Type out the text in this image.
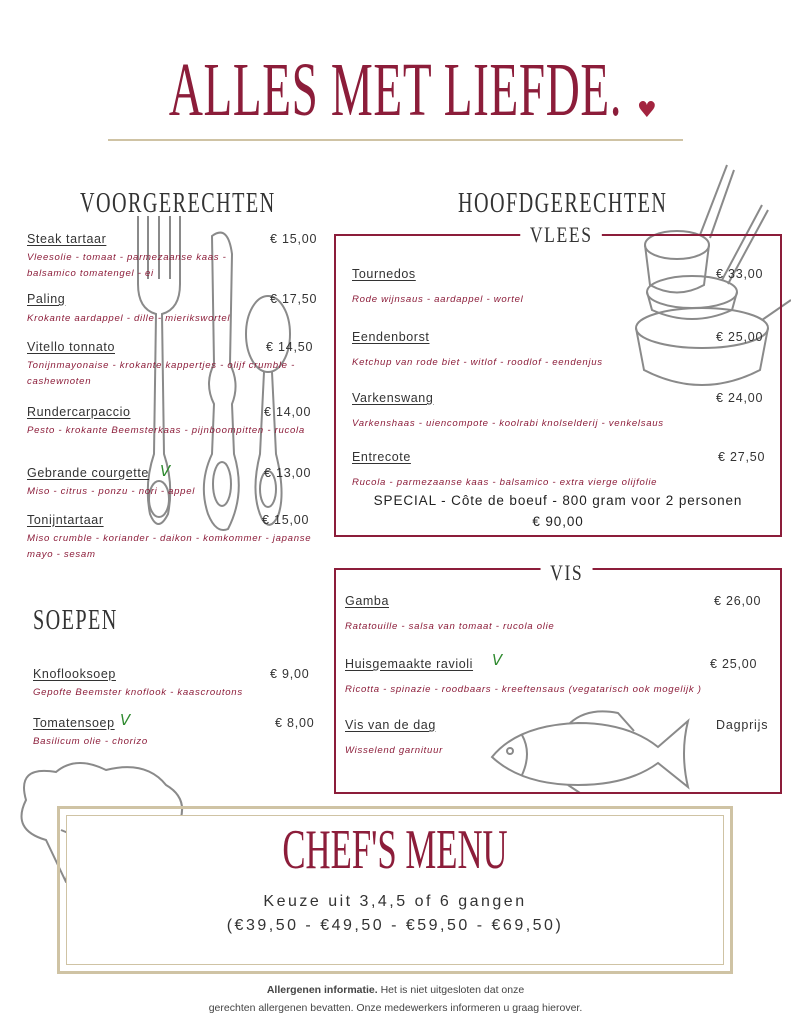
ALLES MET LIEFDE. ♥
VOORGERECHTEN
Steak tartaar	€ 15,00
Vleesolie - tomaat - parmezaanse kaas - balsamico tomatengel - ei
Paling	€ 17,50
Krokante aardappel - dille - mierikswortel
Vitello tonnato	€ 14,50
Tonijnmayonaise - krokante kappertjes - olijf crumble - cashewnoten
Rundercarpaccio	€ 14,00
Pesto - krokante Beemsterkaas - pijnboompitten - rucola
Gebrande courgette V	€ 13,00
Miso - citrus - ponzu - nori - appel
Tonijntartaar	€ 15,00
Miso crumble - koriander - daikon - komkommer - japanse mayo - sesam
SOEPEN
Knoflooksoep	€ 9,00
Gepofte Beemster knoflook - kaascroutons
Tomatensoep V	€ 8,00
Basilicum olie - chorizo
HOOFDGERECHTEN
VLEES
Tournedos	€ 33,00
Rode wijnsaus - aardappel - wortel
Eendenborst	€ 25,00
Ketchup van rode biet - witlof - roodlof - eendenjus
Varkenswang	€ 24,00
Varkenshaas - uiencompote - koolrabi knolselderij - venkelsaus
Entrecote	€ 27,50
Rucola - parmezaanse kaas - balsamico - extra vierge olijfolie
SPECIAL - Côte de boeuf - 800 gram voor 2 personen
€ 90,00
VIS
Gamba	€ 26,00
Ratatouille - salsa van tomaat - rucola olie
Huisgemaakte ravioli V	€ 25,00
Ricotta - spinazie - roodbaars - kreeftensaus (vegatarisch ook mogelijk )
Vis van de dag	Dagprijs
Wisselend garnituur
CHEF'S MENU
Keuze uit 3,4,5 of 6 gangen
(€39,50 - €49,50 - €59,50 - €69,50)
Allergenen informatie. Het is niet uitgesloten dat onze
gerechten allergenen bevatten. Onze medewerkers informeren u graag hierover.
